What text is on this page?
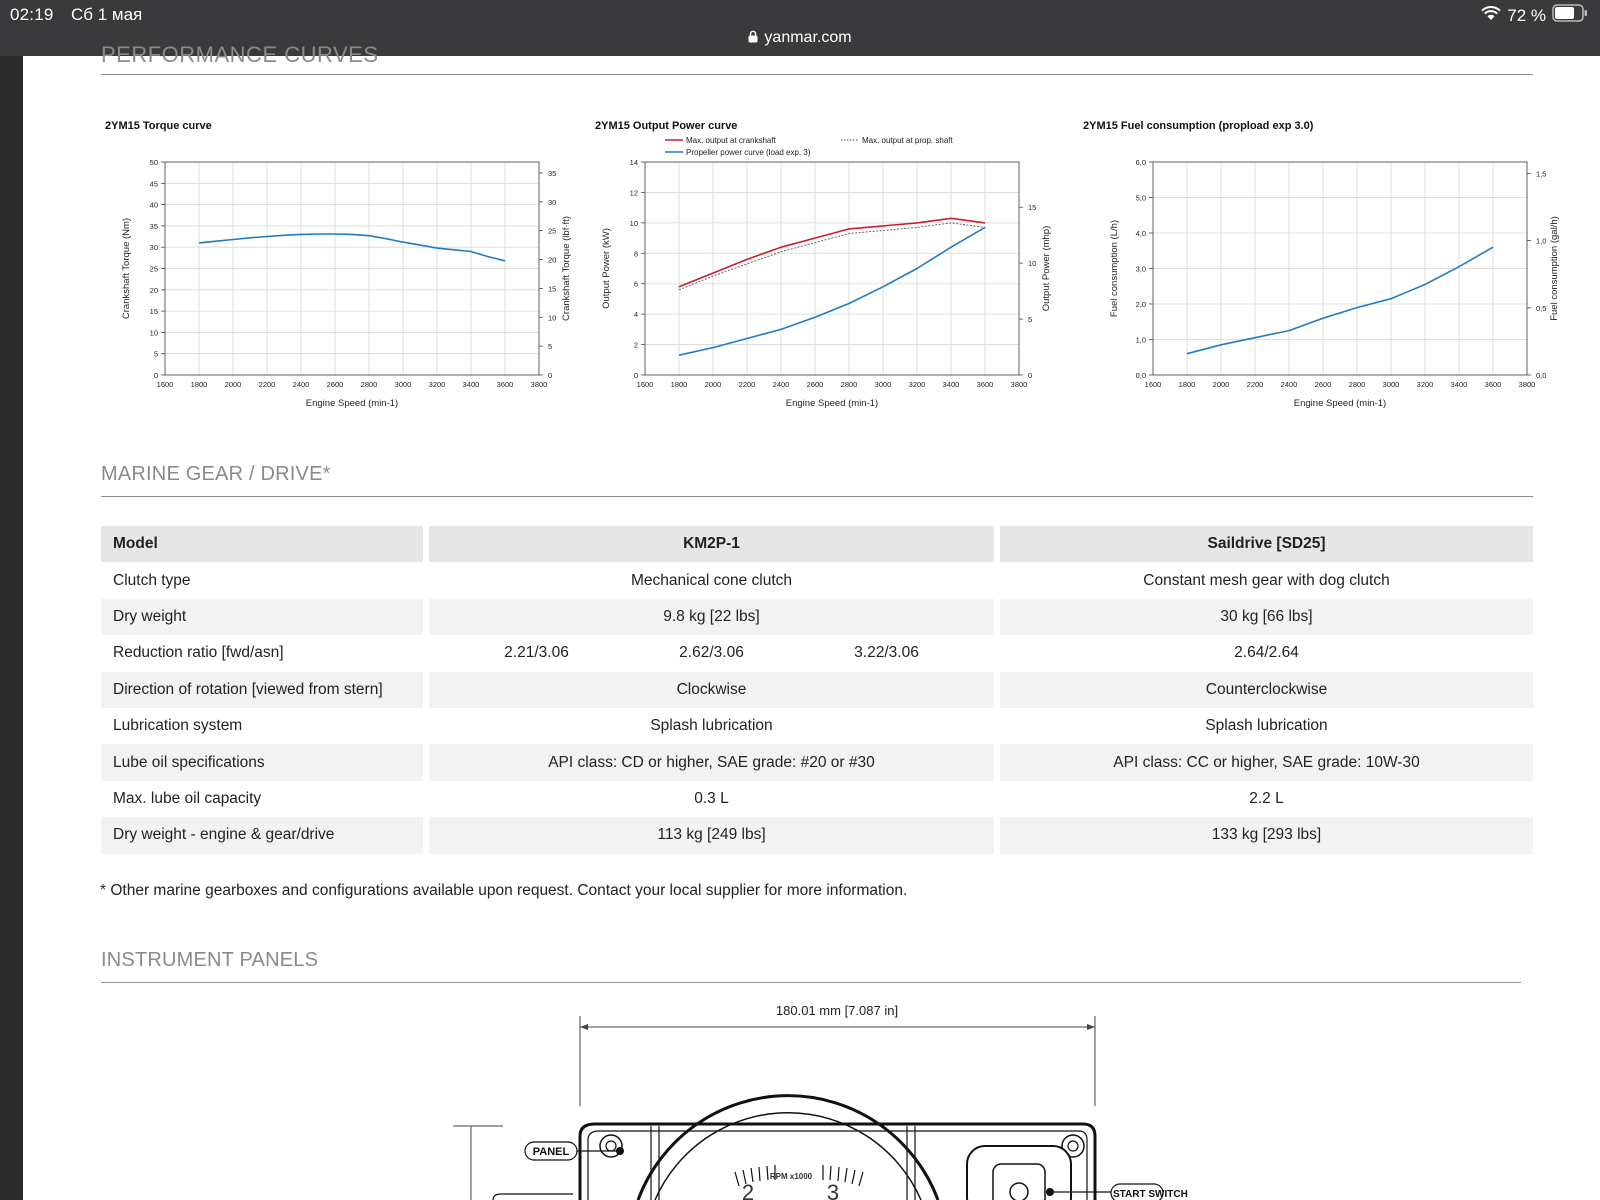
02:19 Сб 1 мая	72 %
yanmar.com
PERFORMANCE CURVES
2YM15 Torque curve	2YM15 Output Power curve	2YM15 Fuel consumption (propload exp 3.0)
Max. output at crankshaft	Max. output at prop. shaft
Propeller power curve (load exp. 3)
1600 1800 2000 2200 2400 2600 2800 3000 3200 3400 3600 3800
0
5
10
15
20
25
30
35
40
45
50
0
5
10
15
20
25
30
35
Engine Speed (min-1)
Crankshaft Torque (Nm)	Crankshaft Torque (lbf·ft)
1600 1800 2000 2200 2400 2600 2800 3000 3200 3400 3600 3800
0
2
4
6
8
10
12
14
0
5
10
15
Engine Speed (min-1)
Output Power (kW)	Output Power (mhp)
1600 1800 2000 2200 2400 2600 2800 3000 3200 3400 3600 3800
0,0
1,0
2,0
3,0
4,0
5,0
6,0
0,0
0,5
1,0
1,5
Engine Speed (min-1)
Fuel consumption (L/h)	Fuel consumption (gal/h)
MARINE GEAR / DRIVE*
Model		KM2P-1		Saildrive [SD25]
Clutch type		Mechanical cone clutch		Constant mesh gear with dog clutch
Dry weight		9.8 kg [22 lbs]		30 kg [66 lbs]
Reduction ratio [fwd/asn]		2.21/3.06 2.62/3.06 3.22/3.06		2.64/2.64
Direction of rotation [viewed from stern]		Clockwise		Counterclockwise
Lubrication system		Splash lubrication		Splash lubrication
Lube oil specifications		API class: CD or higher, SAE grade: #20 or #30		API class: CC or higher, SAE grade: 10W-30
Max. lube oil capacity		0.3 L		2.2 L
Dry weight - engine & gear/drive		113 kg [249 lbs]		133 kg [293 lbs]
* Other marine gearboxes and configurations available upon request. Contact your local supplier for more information.
INSTRUMENT PANELS
180.01 mm [7.087 in]
RPM x1000
2	3
PANEL
START SWITCH
